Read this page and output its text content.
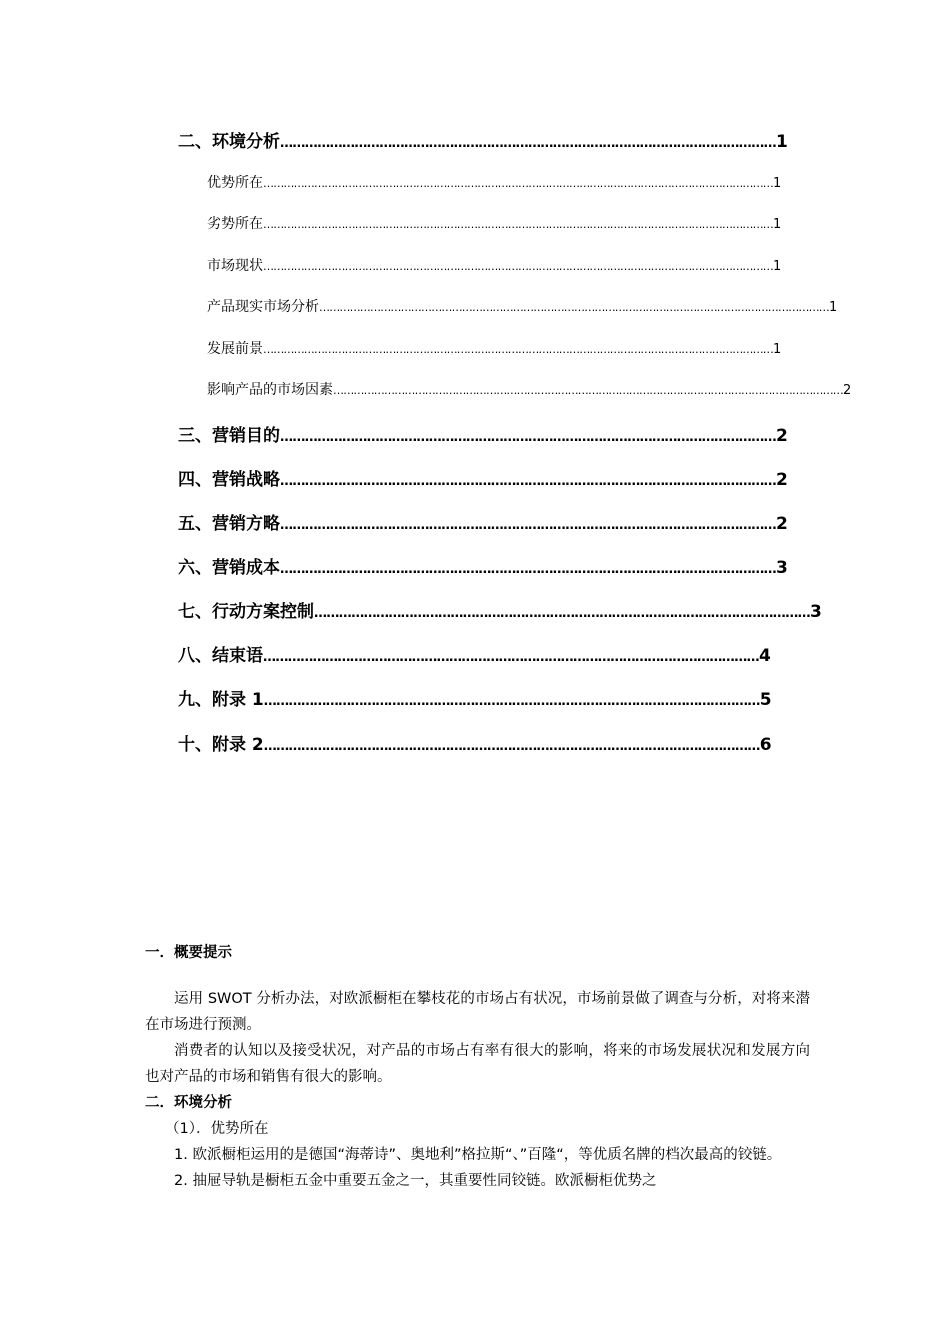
二、环境分析 ………………………………………………………………………………………………………… 1
优势所在 …………………………………………………………………………………………………………………………………… 1
劣势所在 …………………………………………………………………………………………………………………………………… 1
市场现状 …………………………………………………………………………………………………………………………………… 1
产品现实市场分析 …………………………………………………………………………………………………………………………………… 1
发展前景 …………………………………………………………………………………………………………………………………… 1
影响产品的市场因素 …………………………………………………………………………………………………………………………………… 2
三、营销目的 ………………………………………………………………………………………………………… 2
四、营销战略 ………………………………………………………………………………………………………… 2
五、营销方略 ………………………………………………………………………………………………………… 2
六、营销成本 ………………………………………………………………………………………………………… 3
七、行动方案控制 ………………………………………………………………………………………………………… 3
八、结束语 ………………………………………………………………………………………………………… 4
九、附录 1 ………………………………………………………………………………………………………… 5
十、附录 2 ………………………………………………………………………………………………………… 6

一．概要提示

运用 SWOT 分析办法，对欧派橱柜在攀枝花的市场占有状况，市场前景做了调查与分析，对将来潜在市场进行预测。

消费者的认知以及接受状况，对产品的市场占有率有很大的影响，将来的市场发展状况和发展方向也对产品的市场和销售有很大的影响。

二．环境分析

（1）．优势所在

1. 欧派橱柜运用的是德国“海蒂诗”、奥地利”格拉斯“、”百隆“，等优质名牌的档次最高的铰链。

2. 抽屉导轨是橱柜五金中重要五金之一，其重要性同铰链。欧派橱柜优势之
